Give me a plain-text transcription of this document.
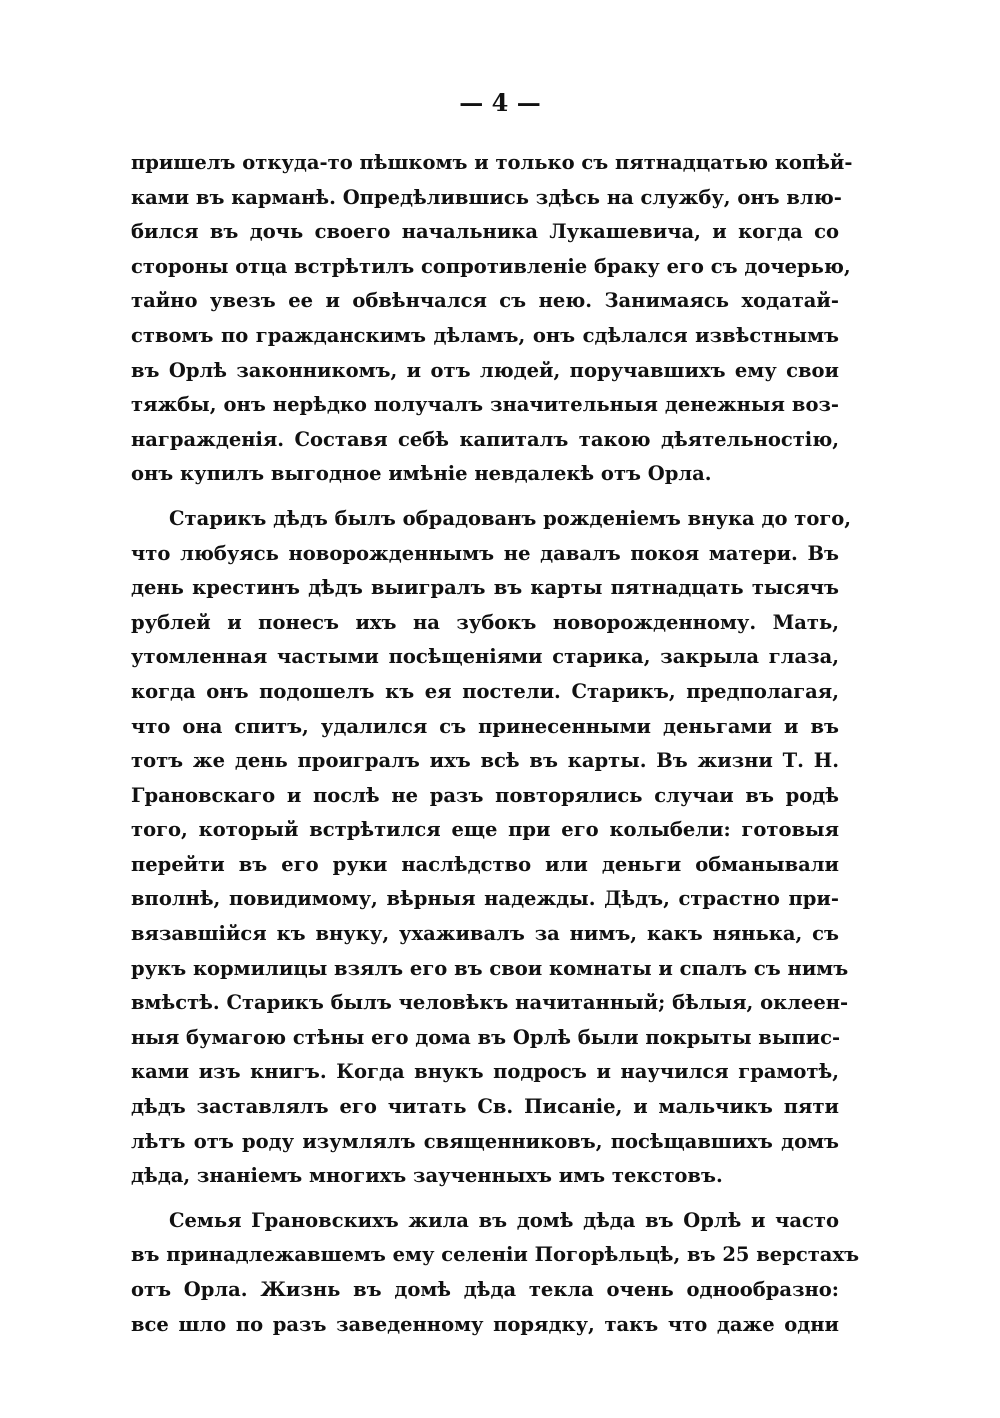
— 4 —
пришелъ откуда-то пѣшкомъ и только съ пятнадцатью копѣй-
ками въ карманѣ. Опредѣлившись здѣсь на службу, онъ влю-
бился въ дочь своего начальника Лукашевича, и когда со
стороны отца встрѣтилъ сопротивленіе браку его съ дочерью,
тайно увезъ ее и обвѣнчался съ нею. Занимаясь ходатай-
ствомъ по гражданскимъ дѣламъ, онъ сдѣлался извѣстнымъ
въ Орлѣ законникомъ, и отъ людей, поручавшихъ ему свои
тяжбы, онъ нерѣдко получалъ значительныя денежныя воз-
награжденія. Составя себѣ капиталъ такою дѣятельностію,
онъ купилъ выгодное имѣніе невдалекѣ отъ Орла.
Старикъ дѣдъ былъ обрадованъ рожденіемъ внука до того,
что любуясь новорожденнымъ не давалъ покоя матери. Въ
день крестинъ дѣдъ выигралъ въ карты пятнадцать тысячъ
рублей и понесъ ихъ на зубокъ новорожденному. Мать,
утомленная частыми посѣщеніями старика, закрыла глаза,
когда онъ подошелъ къ ея постели. Старикъ, предполагая,
что она спитъ, удалился съ принесенными деньгами и въ
тотъ же день проигралъ ихъ всѣ въ карты. Въ жизни Т. Н.
Грановскаго и послѣ не разъ повторялись случаи въ родѣ
того, который встрѣтился еще при его колыбели: готовыя
перейти въ его руки наслѣдство или деньги обманывали
вполнѣ, повидимому, вѣрныя надежды. Дѣдъ, страстно при-
вязавшійся къ внуку, ухаживалъ за нимъ, какъ нянька, съ
рукъ кормилицы взялъ его въ свои комнаты и спалъ съ нимъ
вмѣстѣ. Старикъ былъ человѣкъ начитанный; бѣлыя, оклеен-
ныя бумагою стѣны его дома въ Орлѣ были покрыты выпис-
ками изъ книгъ. Когда внукъ подросъ и научился грамотѣ,
дѣдъ заставлялъ его читать Св. Писаніе, и мальчикъ пяти
лѣтъ отъ роду изумлялъ священниковъ, посѣщавшихъ домъ
дѣда, знаніемъ многихъ заученныхъ имъ текстовъ.
Семья Грановскихъ жила въ домѣ дѣда въ Орлѣ и часто
въ принадлежавшемъ ему селеніи Погорѣльцѣ, въ 25 верстахъ
отъ Орла. Жизнь въ домѣ дѣда текла очень однообразно:
все шло по разъ заведенному порядку, такъ что даже одни
